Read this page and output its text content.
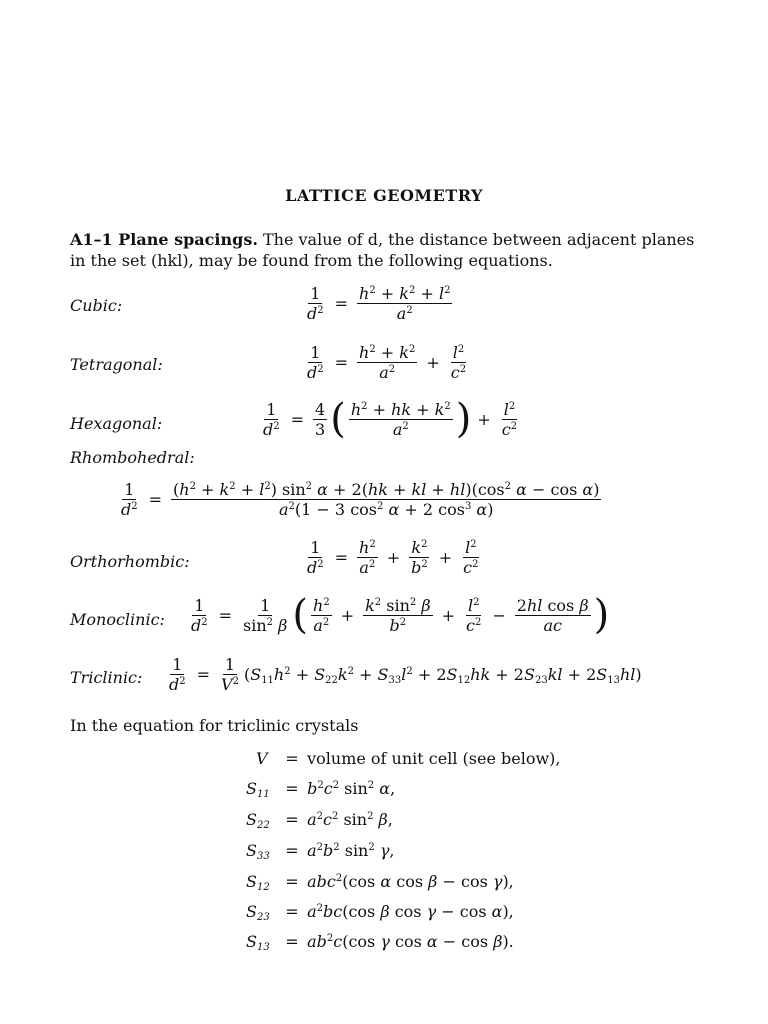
LATTICE GEOMETRY
A1–1 Plane spacings. The value of d, the distance between adjacent planes in the set (hkl), may be found from the following equations.
Cubic:	$\frac{1}{d^2} = \frac{h^2 + k^2 + l^2}{a^2}$
Tetragonal:	$\frac{1}{d^2} = \frac{h^2 + k^2}{a^2} + \frac{l^2}{c^2}$
Hexagonal:	$\frac{1}{d^2} = \frac{4}{3}$ ( $\frac{h^2 + hk + k^2}{a^2}$ ) + $\frac{l^2}{c^2}$
Rhombohedral:
$\frac{1}{d^2} = \frac{(h^2 + k^2 + l^2) \sin^2 \alpha + 2(hk + kl + hl)(\cos^2 \alpha - \cos \alpha)}{a^2(1 - 3 \cos^2 \alpha + 2 \cos^3 \alpha)}$
Orthorhombic:	$\frac{1}{d^2} = \frac{h^2}{a^2} + \frac{k^2}{b^2} + \frac{l^2}{c^2}$
Monoclinic: $\frac{1}{d^2} = \frac{1}{\sin^2 \beta}$ ( $\frac{h^2}{a^2} + \frac{k^2 \sin^2 \beta}{b^2} + \frac{l^2}{c^2} - \frac{\text{2hl cos β}}{ac}$ )
Triclinic: $\frac{1}{d^2} = \frac{1}{V^2} (S_{11}h^2 + S_{22}k^2 + S_{33}l^2 + 2S_{12}hk + 2S_{23}kl + 2S_{13}hl)$
In the equation for triclinic crystals
V = volume of unit cell (see below),
$S_{11} = b^2c^2$ $\sin^2 \alpha$,
$S_{22} = a^2c^2$ $\sin^2 \beta$,
$S_{33} = a^2b^2$ $\sin^2 \gamma$,
$S_{12} = abc^2(\cos$ α cos β − cos γ),
$S_{23} = a^2bc(\cos$ β cos γ − cos α),
$S_{13} = ab^2c(\cos$ γ cos α − cos β).
